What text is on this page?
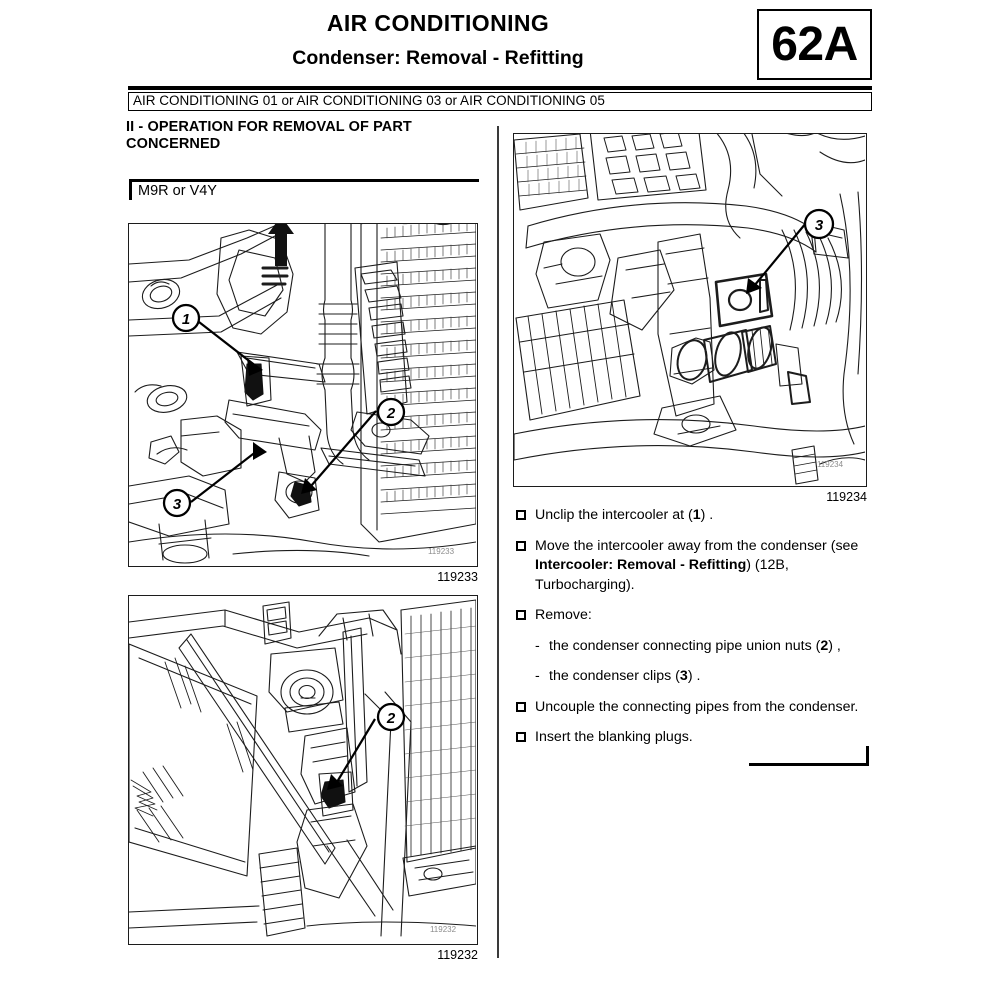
AIR CONDITIONING
Condenser: Removal - Refitting	62A
AIR CONDITIONING 01 or AIR CONDITIONING 03 or AIR CONDITIONING 05
II - OPERATION FOR REMOVAL OF PART CONCERNED
M9R or V4Y
1
2
3
119233
119233
2
119232
119232
3
119234
119234
Unclip the intercooler at (1) .
Move the intercooler away from the condenser (see Intercooler: Removal - Refitting) (12B, Turbocharging).
Remove:
- the condenser connecting pipe union nuts (2) ,
- the condenser clips (3) .
Uncouple the connecting pipes from the condenser.
Insert the blanking plugs.
